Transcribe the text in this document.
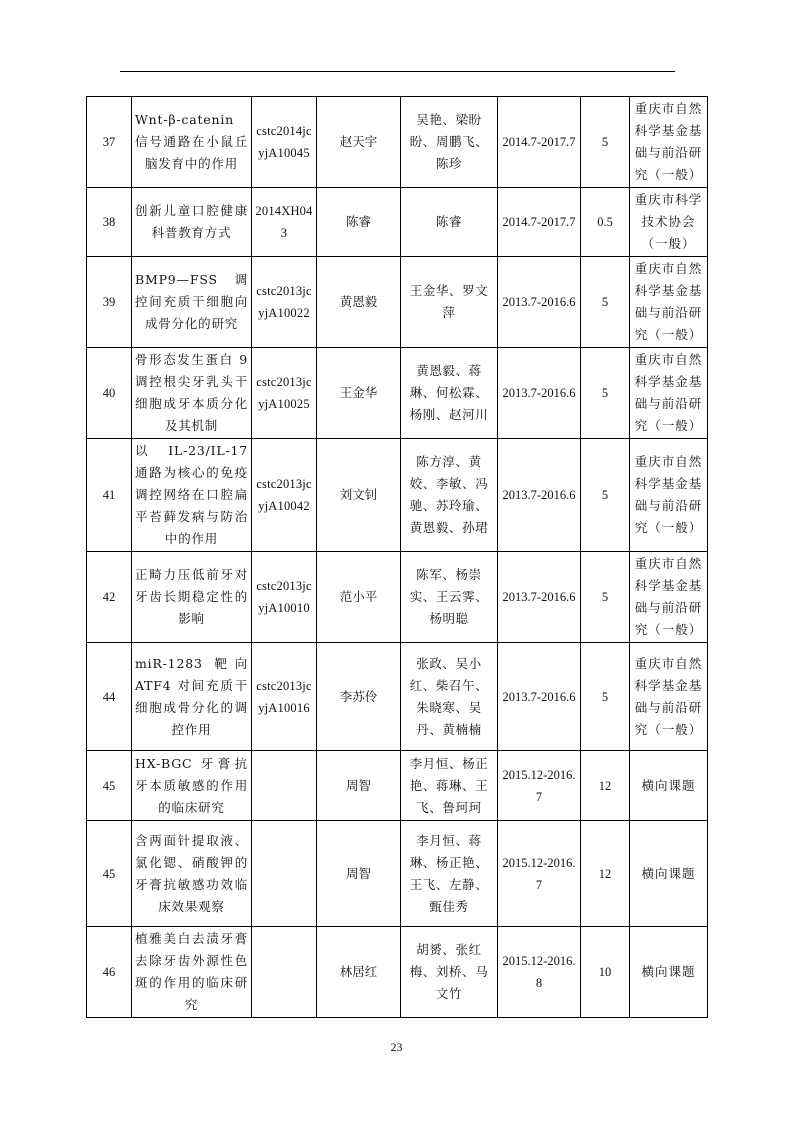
37	Wnt-β-catenin 信号通路在小鼠丘脑发育中的作用	cstc2014jcyjA10045	赵天宇	吴艳、梁盼盼、周鹏飞、陈珍	2014.7-2017.7	5	重庆市自然科学基金基础与前沿研究（一般）
38	创新儿童口腔健康科普教育方式	2014XH043	陈睿	陈睿	2014.7-2017.7	0.5	重庆市科学技术协会（一般）
39	BMP9—FSS 调控间充质干细胞向成骨分化的研究	cstc2013jcyjA10022	黄恩毅	王金华、罗文萍	2013.7-2016.6	5	重庆市自然科学基金基础与前沿研究（一般）
40	骨形态发生蛋白 9 调控根尖牙乳头干细胞成牙本质分化及其机制	cstc2013jcyjA10025	王金华	黄恩毅、蒋琳、何松霖、杨刚、赵河川	2013.7-2016.6	5	重庆市自然科学基金基础与前沿研究（一般）
41	以 IL-23/IL-17 通路为核心的免疫调控网络在口腔扁平苔藓发病与防治中的作用	cstc2013jcyjA10042	刘文钊	陈方淳、黄姣、李敏、冯驰、苏玲瑜、黄恩毅、孙珺	2013.7-2016.6	5	重庆市自然科学基金基础与前沿研究（一般）
42	正畸力压低前牙对牙齿长期稳定性的影响	cstc2013jcyjA10010	范小平	陈军、杨崇实、王云霁、杨明聪	2013.7-2016.6	5	重庆市自然科学基金基础与前沿研究（一般）
44	miR-1283 靶向 ATF4 对间充质干细胞成骨分化的调控作用	cstc2013jcyjA10016	李苏伶	张政、吴小红、柴召午、朱晓寒、吴丹、黄楠楠	2013.7-2016.6	5	重庆市自然科学基金基础与前沿研究（一般）
45	HX-BGC 牙膏抗牙本质敏感的作用的临床研究		周智	李月恒、杨正艳、蒋琳、王飞、鲁珂珂	2015.12-2016.7	12	横向课题
45	含两面针提取液、氯化锶、硝酸钾的牙膏抗敏感功效临床效果观察		周智	李月恒、蒋琳、杨正艳、王飞、左静、甄佳秀	2015.12-2016.7	12	横向课题
46	植雅美白去渍牙膏去除牙齿外源性色斑的作用的临床研究		林居红	胡赟、张红梅、刘桥、马文竹	2015.12-2016.8	10	横向课题
23
